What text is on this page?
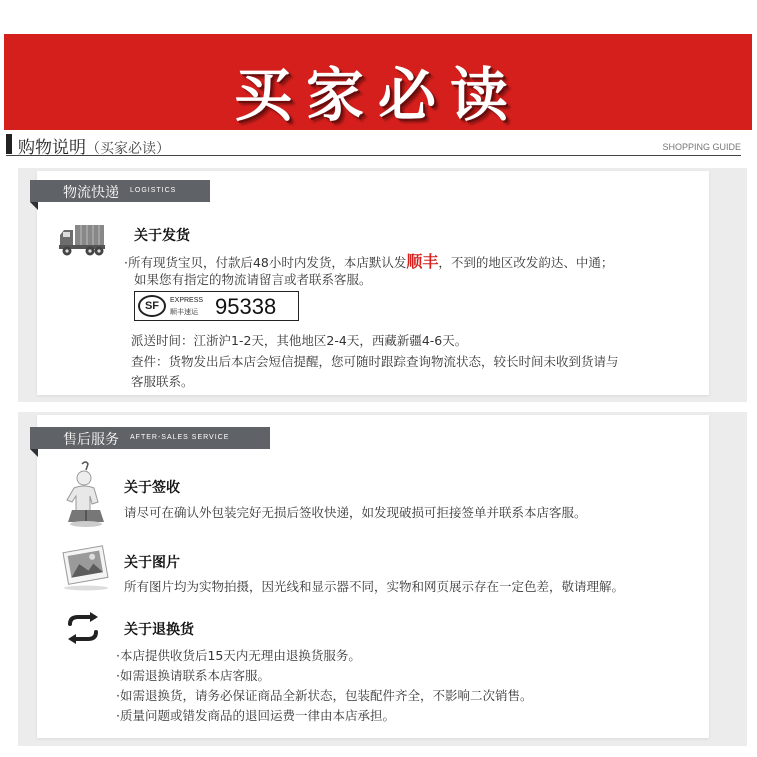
买家必读
购物说明（买家必读）	SHOPPING GUIDE
物流快递 LOGISTICS
关于发货
·所有现货宝贝，付款后48小时内发货，本店默认发顺丰，不到的地区改发韵达、中通；
如果您有指定的物流请留言或者联系客服。
SF	EXPRESS
顺丰速运 95338
派送时间：江浙沪1-2天，其他地区2-4天，西藏新疆4-6天。
查件：货物发出后本店会短信提醒，您可随时跟踪查询物流状态，较长时间未收到货请与
客服联系。
售后服务 AFTER-SALES SERVICE
关于签收
请尽可在确认外包装完好无损后签收快递，如发现破损可拒接签单并联系本店客服。
关于图片
所有图片均为实物拍摄，因光线和显示器不同，实物和网页展示存在一定色差，敬请理解。
关于退换货
·本店提供收货后15天内无理由退换货服务。
·如需退换请联系本店客服。
·如需退换货，请务必保证商品全新状态，包装配件齐全，不影响二次销售。
·质量问题或错发商品的退回运费一律由本店承担。
